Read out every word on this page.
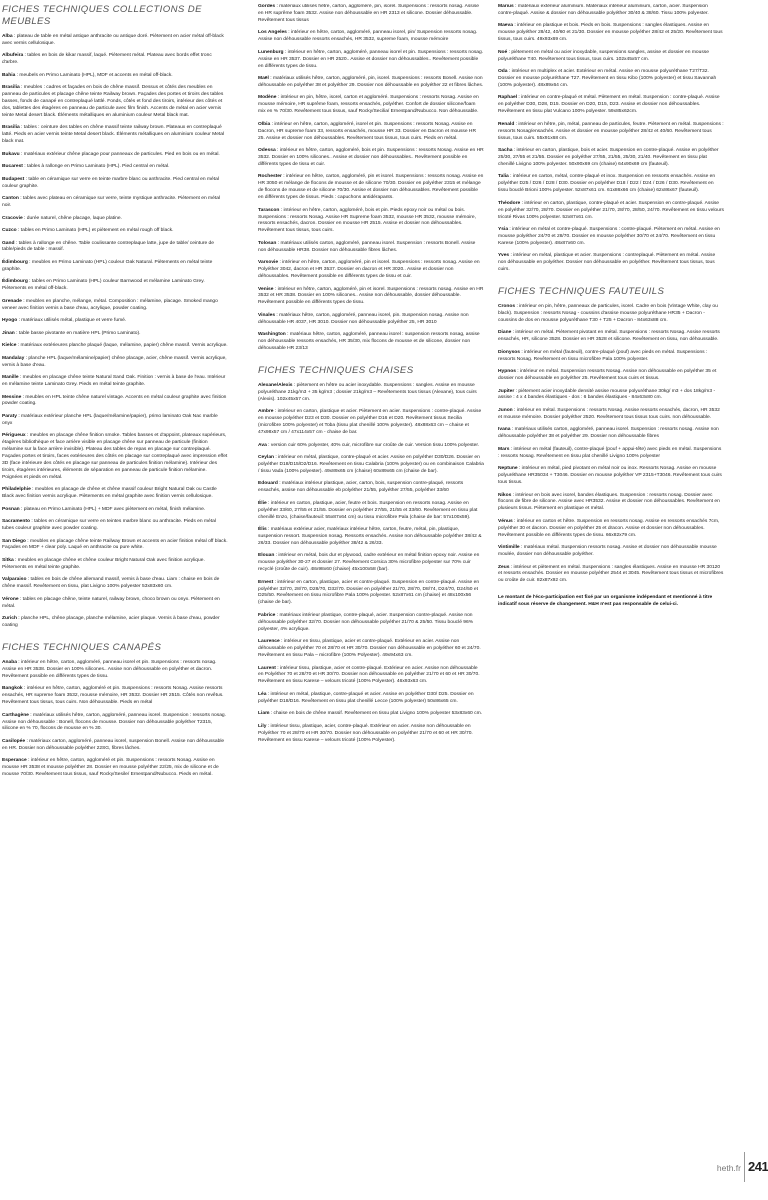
FICHES TECHNIQUES COLLECTIONS DE MEUBLES

Alba : plateau de table en métal antique anthracite ou antique doré. Piètement en acier métal off-black avec vernis cellulosique.

Albufeira : tables en bois de kikar massif, laqué. Piètement métal. Plateau avec bords effet tronc d'arbre.

Bahia : meubels en Primo Laminato (HPL), MDF et accents en métal off-black.

Brasilia : meubles : cadres et façades en bois de chêne massif. Dessus et côtés des meubles en panneau de particules et placage chêne teinte Railway brown. Façades des portes et tiroirs des tables basses, fonds de canapé en contreplaqué lattlé. Fonds, côtés et fond des tiroirs, intérieur des côtés et dos, tablettes des étagères en panneau de particule avec film finish. Accents de métal en acier vernis teinte Metal desert black. Éléments métalliques en aluminium couleur Metal black mat.

Brasilia : tables : ceinture des tables en chêne massif teinte railway brown. Plateaux en contreplaqué latté. Pieds en acier vernis teinte Metal desert black. Éléments métalliques en aluminium couleur Metal black mat.

Bukavu : matériaux extérieur chêne placage pour panneaux de particules. Pied en bois ou en métal.

Bucarest : tables à rallonge en Primo Laminato (HPL). Pied central en métal.

Budapest : table en céramique sur verre en teinte marbre blanc ou anthracite. Pied central en métal couleur graphite.

Canton : tables avec plateau en céramique sur verre, teinte mystique anthracite. Piètement en métal noir.

Cracovie : durée naturel, chêne placage, laque platine.

Cuzco : tables en Primo Laminato (HPL) et piètement en métal rough off black.

Gand : tables à rallonge en chêne. Table coulissante contreplaque latte, jupe de table/ ceinture de table/pieds de table : massif.

Édimbourg : meubles en Primo Laminato (HPL) couleur Oak Natural. Piètements en métal teinte graphite.

Édimbourg : tables en Primo Laminato (HPL) couleur Barnwood et mélamine Laminato Grey. Piètements en métal off-black.

Grenade : meubles en planche, mélange, métal. Composition : mélamine, placage. Smoked mango veneer avec finition vernis a base d'eau, acrylique, powder coating.

Hyogo : matériaux utilisés métal, plastique et verre fumé.

Jinan : table basse pivotante en matière HPL (Primo Laminato).

Kielce : matériaux extérieures planche plaqué (laque, mélamine, papier) chêne massif. Vernis acrylique.

Mandalay : planche HPL (laque/mélamine/papier) chêne placage, acier, chêne massif. Vernis acrylique, vernis à base d'eau.

Manille : meubles en placage chêne teinte Natural Sand Oak. Finition : vernis à base de l'eau. Intérieur en mélamine teinte Laminato Grey. Pieds en métal teinte graphite.

Messine : meubles en HPL teinte chêne naturel vintage. Accents en métal couleur graphite avec finition powder coating.

Paraty : matériaux extérieur planche HPL (laque/mélamine/papier), primo laminato Oak Nac marble onyx

Périgueux : meubles en placage chêne finition smoke. Tables basses et d'appoint, plateaux supérieurs, étagères bibliothèque et face arrière visible en placage chêne sur panneau de particule (finition mélamine sur la face arrière invisible). Plateau des tables de repas en placage sur contreplaqué. Façades portes et tiroirs, faces extérieures des côtés en placage sur contreplaqué avec impression effet 3D (face intérieure des côtés en placage sur panneau de particules finition mélamine). Intérieur des tiroirs, étagères intérieures, éléments de séparation en panneau de particule finition mélamine. Poignées et pieds en métal.

Philadelphie : meubles en placage de chêne et chêne massif couleur Bright Natural Oak ou Castle Black avec finition vernis acrylique. Piètements en métal graphite avec finition vernis cellulosique.

Posnan : plateau en Primo Laminato (HPL) + MDF avec piètement en métal, finish mélamine.

Sacramento : tables en céramique sur verre en teintes marbre blanc ou anthracite. Pieds en métal tubes couleur graphite avec powder coating.

San Diego : meubles en placage chêne teinte Railway Brown et accents en acier finition métal off black. Façades en MDF + clear poly. Laqué en anthracite ou pure white.

Sitka : meubles en placage chêne et chêne couleur Bright Natural Oak avec finition acrylique. Piètements en métal teinte graphite.

Valparaiso : tables en bois de chêne allemand massif, vernis à base d'eau. Liam : chaise en bois de chêne massif. Revêtement en tissu, plat Livigno 100% polyester 53x83x60 cm.

Vérone : tables en placage chêne, teinte naturel, railway brown, choco brown ou onyx. Piètement en métal.

Zurich : planche HPL, chêne placage, planche mélamine, acier plaque. Vernis à base d'eau, powder coating

FICHES TECHNIQUES CANAPÉS

Anaba : intérieur en hêtre, carton, aggloméré, panneau isorel et pin. Suspensions : ressorts nosag. Assise en HR 3538. Dossier en 100% silicones.. Assise non déhoussable en polyéther et dacron. Revêtement possible en différents types de tissu.

Bangkok : intérieur en hêtre, carton, aggloméré et pin. Suspensions : ressorts Nosag. Assise ressorts ensachés, HR supreme foam 3532, mousse mémoire, HR 3532. Dossier HR 2515. Côtés non revêtus. Revêtement tous tissus, tous cuirs. Non déhoussable. Pieds en métal

Carthagène : matériaux utilisés hêtre, carton, aggloméré, panneau isorel. Suspension : ressorts nosag. Assise non déhoussable : Bonell, flocons de mousse. Dossier non déhoussable polyéther T2315, silicone en % 70, flocons de mousse en % 30.

Casilopée : matériaux carton, aggloméré, panneau isorel, suspension Bonell. Assise non déhoussable en HR. Dossier non déhoussable polyéther 22SG, fibres lâches.

Esperance : intérieur en hêtre, carton, aggloméré et pin. Suspensions : ressorts Nosag. Assise en mousse HR 3538 et mousse polyéther 28. Dossier en mousse polyéther 22/25, mix de silicone et de mousse 70/30. Revêtement tous tissus, sauf Rocky/Sesile/ Ernestpand/Nubucco. Pieds en métal.

Gordes : matériaux utilisés hêtre, carton, aggloméré, pin, isorel. Suspensions : ressorts nosag. Assise en HR suprême foam 3532. Assise non déhoussable en HR 2313 et silicone. Dossier déhoussable. Revêtement tous tissus

Los Angeles : intérieur en hêtre, carton, aggloméré, panneau isorel, pin/ Suspension ressorts nosag. Assise non déhoussable ressorts ensachés, HR 3532, supreme foam, mousse mémoire

Lunenburg : intérieur en hêtre, carton, aggloméré, panneau isorel et pin. Suspensions : ressorts nosag. Assise en HR 3537. Dossier en HR 2520.. Assise et dossier non déhoussables.. Revêtement possible en différents types de tissu.

Maël : matériaux utilisés hêtre, carton, aggloméré, pin, isorel. Suspensions : ressorts Bonell. Assise non déhoussable en polyéther 38 et polyéther 29. Dossier non déhoussable en polyéther 22 et fibres lâches.

Modène : intérieur en pin, hêtre, isorel, carton et aggloméré. Suspensions : ressorts Nosag. Assise en mousse mémoire, HR suprême foam, ressorts ensachés, polyéther. Confort de dossier silicone/foam mix en % 70/30. Revêtement tous tissus, sauf Rocky/Secilia/ Ernestpand/Nubucco. Non déhoussable.

Olbia : intérieur en hêtre, carton, aggloméré, isorel et pin. Suspensions : ressorts Nosag. Assise en Dacron, HR supreme foam 33, ressorts ensachés, mousse HR 33. Dossier en Dacron et mousse HR 25. Assise et dossier non déhoussables. Revêtement tous tissus, tous cuirs. Pieds en métal.

Odessa : intérieur en hêtre, carton, aggloméré, bois et pin. Suspensions : ressorts Nosag. Assise en HR 3532. Dossier en 100% silicones.. Assise et dossier non déhoussables.. Revêtement possible en différents types de tissu et cuir.

Rochester : intérieur en hêtre, carton, aggloméré, pin et isorel. Suspensions : ressorts nosag. Assise en HR 3050 et mélange de flocons de mousse et de silicone 70/30. Dossier en polyéther 2315 et mélange de flocons de mousse et de silicone 70/30. Assise et dossier non déhoussables. Revêtement possible en différents types de tissus. Pieds : capuchons antidérapants.

Tarascon : intérieur en hêtre, carton, aggloméré, bois et pin. Pieds epoxy noir ou métal ou bois. Suspensions : ressorts Nosag. Assise HR Supreme foam 3532, mousse HR 3532, mousse mémoire, ressorts ensachés, dacron. Dossier en mousse HR 2515. Assise et dossier non déhoussables. Revêtement tous tissus, tous cuirs.

Tolosan : matériaux utilisés carton, aggloméré, panneau isorel. Suspension : ressorts Bonell. Assise non déhoussable HR38. Dossier non déhoussable fibres lâches.

Varsovie : intérieur en hêtre, carton, aggloméré, pin et isorel. Suspensions : ressorts nosag. Assise en Polyéther 3042, dacron et HR 3537. Dossier en dacron et HR 3020.. Assise et dossier non déhoussables. Revêtement possible en différents types de tissu et cuir.

Venise : intérieur en hêtre, carton, aggloméré, pin et isorel. Suspensions : ressorts nosag. Assise en HR 3532 et HR 3538. Dossier en 100% silicones.. Assise non déhoussable, dossier déhoussable. Revêtement possible en différents types de tissu.

Vinales : matériaux hêtre, carton, aggloméré, panneau isorel, pin. Suspension nosag. Assise non déhoussable HR 4037, HR 3010. Dossier non déhoussable polyéther 25, HR 3010

Washington : matériaux hêtre, carton, aggloméré, panneau isorel : suspension ressorts nosag, assise non déhoussable ressorts ensachés, HR 35/30, mix flocons de mousse et de silicone, dossier non déhoussable HR 23/13

FICHES TECHNIQUES CHAISES

Alexane/Alexis : piètement en hêtre ou acier inoxydable. Suspensions : sangles. Assise en mousse polyuréthane 21kg/m3 + 35 kg/m3 ; dossier 21kg/m3 – Revêtements tous tissus (Alexane), tous cuirs (Alexis). 102x45x57 cm.

Ambre : intérieur en carton, plastique et acier. Piètement en acier. Suspensions : contre-plaqué. Assise en mousse polyéther D23 et D30. Dossier en polyéther D16 et D20. Revêtement tissus Secilia (microfibre 100% polyester) et Toba (tissu plat chenillé 100% polyester). 48x88x63 cm – chaise et 47x98x57 cm / 47x114x57 cm - chaise de bar.

Ava : version cuir 60% polyester, 40% cuir, microfibre sur croûte de cuir. Version tissu 100% polyester.

Ceylan : intérieur en métal, plastique, contre-plaqué et acier. Assise en polyéther D30/D26. Dossier en polyéther D18/D15/D2/D16. Revêtement en tissu Calabria (100% polyester) ou en combinaison Calabria / tissu Vada (100% polyester). 49x89x65 cm (chaise) 60x89x65 cm (chaise de bar).

Edouard : matériaux intérieur plastique, acier, carton, bois, suspension contre-plaqué, ressorts ensachés, assise non déhoussable eb polyéther 21/55, polyéther 27/55, polyéther 33/60

Élie : intérieur en carton, plastique, acier, feutre et bois. Suspension en ressorts nosag. Assise en polyéther 33/60, 27/55 et 21/55. Dossier en polyéther 27/55, 21/55 et 33/60. Revêtement en tissu plat chenillé Enzo, (chaise/fauteuil: 55x87x64 cm) ou tissu microfibre Pala (chaise de bar: 57x100x59).

Élis : matériaux extérieur acier, matériaux intérieur hêtre, carton, feutre, métal, pin, plastique, suspension ressort. Suspension nosag. Ressorts ensachés. Assise non déhoussable polyéther 38/42 & 26/33. Dossier non déhoussable polyéther 38/42 & 26/33.

Elouan : intérieur en métal, bois dur et plywood, cadre extérieur en métal finition epoxy noir. Assise en mousse polyéther 30-27 et dossier 27. Revêtement Corsica 30% microfibre polyester sur 70% cuir recyclé (croûte de cuir). 48x98x60 (chaise) 45x100x58 (bar).

Ernest : intérieur en carton, plastique, acier et contre-plaqué. Suspension en contre-plaqué. Assise en polyéther 32/70, 28/70, D28/70, D32/70. Dossier en polyéther 21/70, 28/70, D8/74, D24/70, D24/50 et D25/50. Revêtement en tissu microfibre Pala 100% polyester. 52x87x61 cm (chaise) et 48x100x56 (chaise de bar).

Fabrice : matériaux intérieur plastique, contre-plaqué, acier. Suspension contre-plaqué. Assise non déhoussable polyéther 32/70. Dossier non déhoussable polyéther 21/70 & 25/50. Tissu bouclé 96% polyester, 4% acrylique.

Laurence : intérieur en tissu, plastique, acier et contre-plaqué. Extérieur en acier. Assise non déhoussable en polyéther 70 et 28/70 et HR 30/70. Dossier non déhoussable en polyéther 60 et 24/70. Revêtement en tissu Pala – microfibre (100% Polyester). 49x94x63 cm.

Laurent : intérieur tissu, plastique, acier et contre-plaqué. Extérieur en acier. Assise non déhoussable en Polyéther 70 et 28/70 et HR 30/70. Dossier non déhoussable en polyéther 21/70 et 60 et HR 30/70. Revêtement en tissu Karese – velours tricoté (100% Polyester). 46x93x63 cm.

Léa : intérieur en métal, plastique, contre-plaqué et acier. Assise en polyéther D30/ D25. Dossier en polyéther D18/D16. Revêtement en tissu plat chenillé Lecce (100% polyester) 50x86x65 cm.

Liam : chaise en bois de chêne massif. Revêtement en tissu plat Livigno 100% polyester 53x83x60 cm.

Lily : intérieur tissu, plastique, acier, contre-plaqué. Extérieur en acier. Assise non déhoussable en Polyéther 70 et 28/70 et HR 30/70. Dossier non déhoussable en polyéther 21/70 et 60 et HR 30/70. Revêtement en tissu Karese – velours tricoté (100% Polyester).

Marius : matériaux extérieur aluminium. Matériaux intérieur aluminium, carton, acier. Suspension contre-plaqué. Assise & dossier non déhoussable polyéther 30/40 & 38/60. Tissu 100% polyester.

Maeva : intérieur en plastique et bois. Pieds en bois. Suspensions : sangles élastiques. Assise en mousse polyéther 28/42, 40/60 et 21/30. Dossier en mousse polyéther 28/42 et 25/20. Revêtement tous tissus, tous cuirs. 49x93x69 cm.

Noé : piètement en métal ou acier inoxydable, suspensions sangles, assise et dossier en mousse polyuréthane T40. Revêtement tous tissus, tous cuirs. 102x45x57 cm.

Oda : intérieur en multiplex et acier. Extérieur en métal. Assise en mousse polyuréthane T27/T32. Dossier en mousse polyuréthane T27. Revêtement en tissu Kibo (100% polyester) et tissu Savannah (100% polyester). 48x89x64 cm.

Raphael : intérieur en contre-plaqué et métal. Piètement en métal. Suspension : contre-plaqué. Assise en polyéther D30, D28, D15. Dossier en D20, D15, D23. Assise et dossier non déhoussables. Revêtement en tissu plat Vulcano 100% polyester. 59x85x62cm.

Renald : intérieur en hêtre, pin, métal, panneau de particules, feutre. Piètement en métal. Suspensions : ressorts Nosag/ensachés. Assise et dossier en mousse polyéther 28/42 et 40/60. Revêtement tous tissus, tous cuirs. 55x91x68 cm.

Sacha : intérieur en carton, plastique, bois et acier. Suspension en contre-plaqué. Assise en polyéther 25/30, 27/55 et 21/55. Dossier en polyéther 27/55, 21/55, 25/30, 21/40. Revêtement en tissu plat chenillé Livigno 100% polyester. 50x90x69 cm (chaise) 64x90x69 cm (fauteuil).

Talia : intérieur en carton, métal, contre-plaqué et inox. Suspension en ressorts ensachés. Assise en polyéther D25 / D26 / D28 / D30. Dossier en polyéther D18 / D22 / D24 / D26 / D30. Revêtement en tissu bouclé Brioni 100% polyester. 52x87x61 cm. 61x86x66 cm (chaise) 62x86x67 (fauteuil).

Théodore : intérieur en carton, plastique, contre-plaqué et acier. Suspension en contre-plaqué. Assise en polyéther 32/70, 28/70. Dossier en polyéther 21/70, 28/70, 28/50, 24/70. Revêtement en tissu velours tricoté Rivas 100% polyester. 52x87x61 cm.

Ysia : intérieur en métal et contre-plaqué. Suspensions : contre-plaqué. Piètement en métal. Assise en mousse polyéther 24/70 et 28/70. Dossier en mousse polyéther 30/70 et 24/70. Revêtement en tissu Karese (100% polyester). 48x87x60 cm.

Yves : intérieur en métal, plastique et acier. Suspensions : contreplaqué. Piètement en métal. Assise non déhoussable en polyéther. Dossier non déhoussable en polyéther. Revêtement tous tissus, tous cuirs.

FICHES TECHNIQUES FAUTEUILS

Cronos : intérieur en pin, hêtre, panneaux de particules, isorel. Cadre en bois (Vintage White, clay ou black). Suspension : ressorts Nosag - coussins d'assise mousse polyuréthane HR35 + Dacron - coussins de dos en mousse polyuréthane T30 + T25 + Dacron - 84x63x88 cm.

Diane : intérieur en métal. Piètement pivotant en métal. Suspensions : ressorts Nosag. Assise ressorts ensachés, HR, silicone 3528. Dossier en HR 3528 et silicone. Revêtement en tissu, non déhoussable.

Dionysos : intérieur en métal (fauteuil), contre-plaqué (pouf) avec pieds en métal. Suspensions : ressorts Nosag. Revêtement en tissu microfibre Pala 100% polyester.

Hypnos : intérieur en métal. Suspension ressorts Nosag. Assise non déhoussable en polyéther 35 et dossier non déhoussable en polyéther 25. Revêtement tous cuirs et tissus.

Jupiter : piètement acier inoxydable densité assise mousse polyuréthane 30kg/ m3 + dos 18kg/m3 - assise : 4 x 4 bandes élastiques - dos : 6 bandes élastiques - 84x63x80 cm.

Junon : intérieur en métal. Suspensions : ressorts Nosag. Assise ressorts ensachés, dacron, HR 3532 et mousse mémoire. Dossier polyéther 2520. Revêtement tous tissus tous cuirs. non déhoussable.

Ivana : matériaux utilisés carton, aggloméré, panneau isorel. Suspension : ressorts nosag. Assise non déhoussable polyéther 38 et polyéther 29. Dossier non déhoussable fibres

Mars : intérieur en métal (fauteuil), contre-plaqué (pouf + appui-tête) avec pieds en métal. Suspensions : ressorts Nosag. Revêtement en tissu plat chenillé Livigno 100% polyester

Neptune : intérieur en métal, pied pivotant en métal noir ou inox. Ressorts Nosag. Assise en mousse polyuréthane HR35034 + T3046. Dossier en mousse polyéther VP 2315+T3046. Revêtement tous cuirs tous tissus.

Nikos : intérieur en bois avec isorel, bandes élastiques. Suspension : ressorts nosag. Dossier avec flocons de fibre de silicone. Assise avec HR3532. Assise et dossier non déhoussables. Revêtement en plusieurs tissus. Piètement en plastique et métal.

Vénus : intérieur en carton et hêtre. Suspension en ressorts nosag. Assise en ressorts ensachés 7cm, polyéther 30 et dacron. Dossier en polyéther 25 et dracon. Assise et dossier non déhoussables. Revêtement possible en différents types de tissu. 66x82x79 cm.

Vintimille : matériaux métal. Suspension ressorts nosag. Assise et dossier non déhoussable mousse moulée, dossier non déhoussable polyéther.

Zeus : intérieur et piètement en métal. Suspensions : sangles élastiques. Assise en mousse HR 30120 et ressorts ensachés. Dossier en mousse polyéther 2544 et 3045. Revêtement tous tissus et microfibres ou croûte de cuir. 82x87x92 cm.

Le montant de l'éco-participation est fixé par un organisme indépendant et mentionné à titre indicatif sous réserve de changement. H&H n'est pas responsable de celui-ci.

heth.fr 241
